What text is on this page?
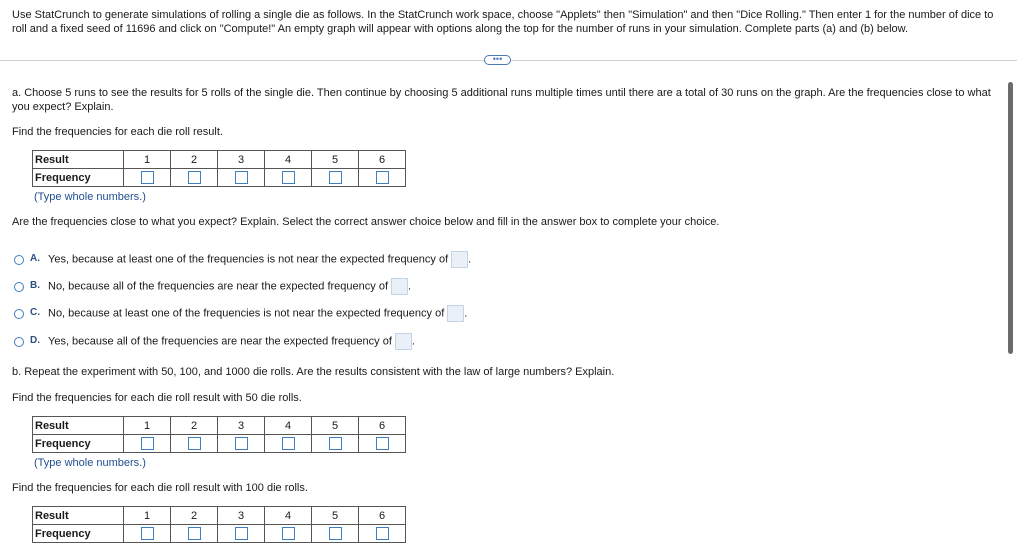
Use StatCrunch to generate simulations of rolling a single die as follows. In the StatCrunch work space, choose "Applets" then "Simulation" and then "Dice Rolling." Then enter 1 for the number of dice to roll and a fixed seed of 11696 and click on "Compute!" An empty graph will appear with options along the top for the number of runs in your simulation. Complete parts (a) and (b) below.
•••
a. Choose 5 runs to see the results for 5 rolls of the single die. Then continue by choosing 5 additional runs multiple times until there are a total of 30 runs on the graph. Are the frequencies close to what you expect? Explain.
Find the frequencies for each die roll result.
Result	1	2	3	4	5	6
Frequency						
(Type whole numbers.)
Are the frequencies close to what you expect? Explain. Select the correct answer choice below and fill in the answer box to complete your choice.
A. Yes, because at least one of the frequencies is not near the expected frequency of .
B. No, because all of the frequencies are near the expected frequency of .
C. No, because at least one of the frequencies is not near the expected frequency of .
D. Yes, because all of the frequencies are near the expected frequency of .
b. Repeat the experiment with 50, 100, and 1000 die rolls. Are the results consistent with the law of large numbers? Explain.
Find the frequencies for each die roll result with 50 die rolls.
Result	1	2	3	4	5	6
Frequency						
(Type whole numbers.)
Find the frequencies for each die roll result with 100 die rolls.
Result	1	2	3	4	5	6
Frequency						
